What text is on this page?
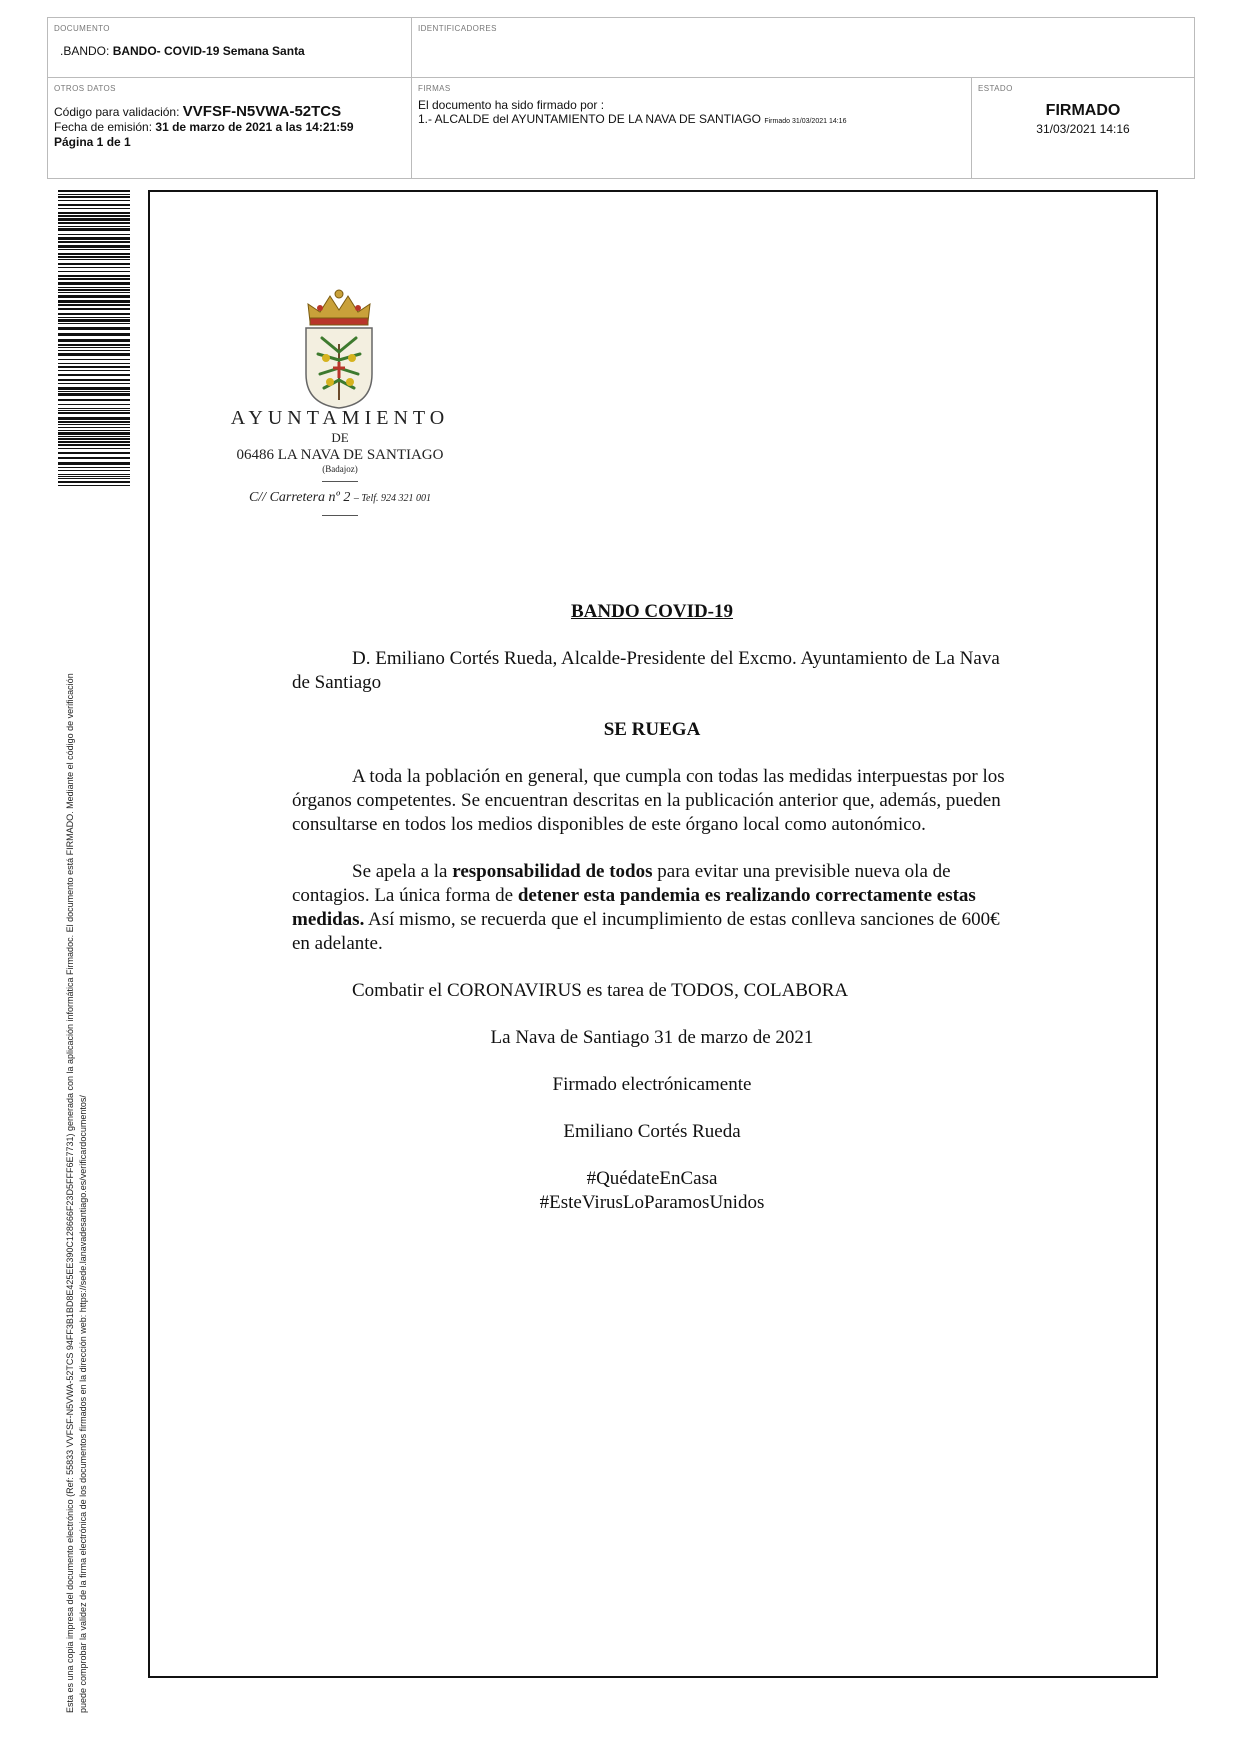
DOCUMENTO
.BANDO: BANDO- COVID-19 Semana Santa
IDENTIFICADORES
OTROS DATOS
Código para validación: VVFSF-N5VWA-52TCS
Fecha de emisión: 31 de marzo de 2021 a las 14:21:59
Página 1 de 1
FIRMAS
El documento ha sido firmado por :
1.- ALCALDE del AYUNTAMIENTO DE LA NAVA DE SANTIAGO Firmado 31/03/2021 14:16
ESTADO
FIRMADO
31/03/2021 14:16
Esta es una copia impresa del documento electrónico (Ref: 55833 VVFSF-N5VWA-52TCS 94FF3B1BD8E425EE390C128666F23D5FFF6E7731) generada con la aplicación informática Firmadoc. El documento está FIRMADO. Mediante el código de verificación puede comprobar la validez de la firma electrónica de los documentos firmados en la dirección web: https://sede.lanavadesantiago.es/verificardocumentos/
AYUNTAMIENTO
DE
06486 LA NAVA DE SANTIAGO
(Badajoz)
C// Carretera nº 2 – Telf. 924 321 001

BANDO COVID-19

D. Emiliano Cortés Rueda, Alcalde-Presidente del Excmo. Ayuntamiento de La Nava de Santiago

SE RUEGA

A toda la población en general, que cumpla con todas las medidas interpuestas por los órganos competentes. Se encuentran descritas en la publicación anterior que, además, pueden consultarse en todos los medios disponibles de este órgano local como autonómico.

Se apela a la responsabilidad de todos para evitar una previsible nueva ola de contagios. La única forma de detener esta pandemia es realizando correctamente estas medidas. Así mismo, se recuerda que el incumplimiento de estas conlleva sanciones de 600€ en adelante.

Combatir el CORONAVIRUS es tarea de TODOS, COLABORA

La Nava de Santiago 31 de marzo de 2021

Firmado electrónicamente

Emiliano Cortés Rueda

#QuédateEnCasa

#EsteVirusLoParamosUnidos
